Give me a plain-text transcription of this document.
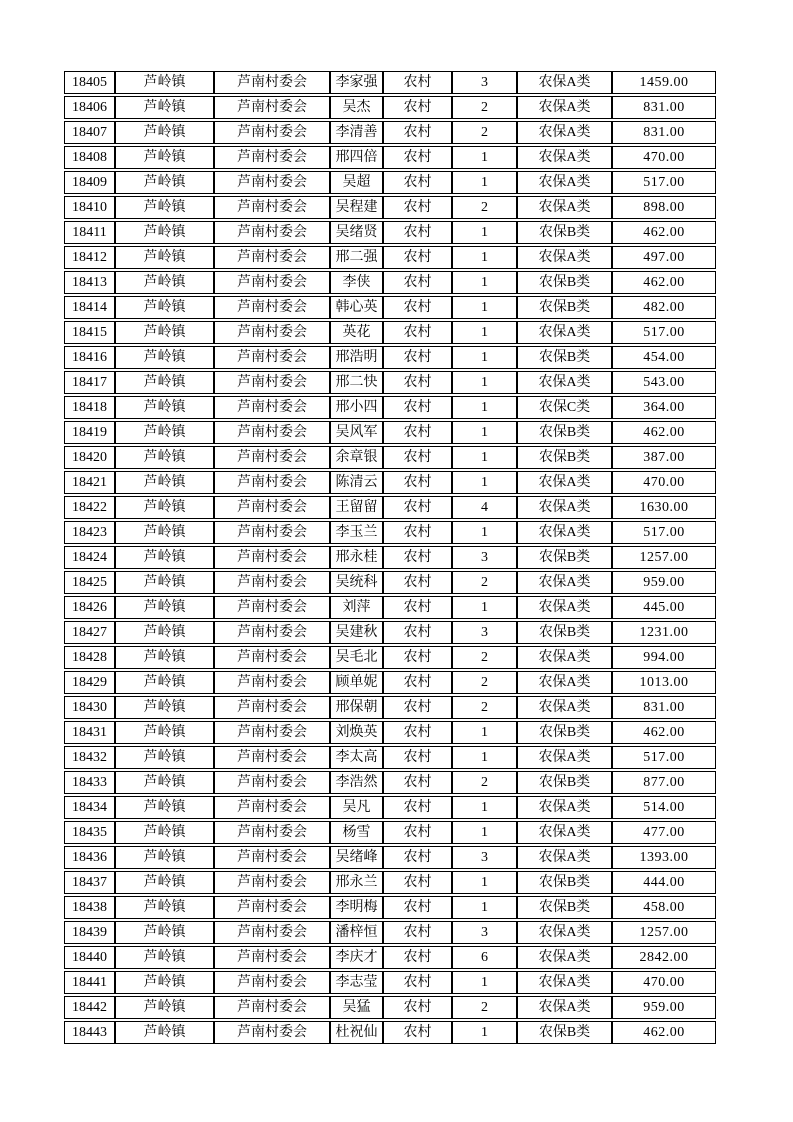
18405	芦岭镇	芦南村委会	李家强	农村	3	农保A类	1459.00
18406	芦岭镇	芦南村委会	吴杰	农村	2	农保A类	831.00
18407	芦岭镇	芦南村委会	李清善	农村	2	农保A类	831.00
18408	芦岭镇	芦南村委会	邢四倍	农村	1	农保A类	470.00
18409	芦岭镇	芦南村委会	吴超	农村	1	农保A类	517.00
18410	芦岭镇	芦南村委会	吴程建	农村	2	农保A类	898.00
18411	芦岭镇	芦南村委会	吴绪贤	农村	1	农保B类	462.00
18412	芦岭镇	芦南村委会	邢二强	农村	1	农保A类	497.00
18413	芦岭镇	芦南村委会	李侠	农村	1	农保B类	462.00
18414	芦岭镇	芦南村委会	韩心英	农村	1	农保B类	482.00
18415	芦岭镇	芦南村委会	英花	农村	1	农保A类	517.00
18416	芦岭镇	芦南村委会	邢浩明	农村	1	农保B类	454.00
18417	芦岭镇	芦南村委会	邢二快	农村	1	农保A类	543.00
18418	芦岭镇	芦南村委会	邢小四	农村	1	农保C类	364.00
18419	芦岭镇	芦南村委会	吴风军	农村	1	农保B类	462.00
18420	芦岭镇	芦南村委会	余章银	农村	1	农保B类	387.00
18421	芦岭镇	芦南村委会	陈清云	农村	1	农保A类	470.00
18422	芦岭镇	芦南村委会	王留留	农村	4	农保A类	1630.00
18423	芦岭镇	芦南村委会	李玉兰	农村	1	农保A类	517.00
18424	芦岭镇	芦南村委会	邢永桂	农村	3	农保B类	1257.00
18425	芦岭镇	芦南村委会	吴统科	农村	2	农保A类	959.00
18426	芦岭镇	芦南村委会	刘萍	农村	1	农保A类	445.00
18427	芦岭镇	芦南村委会	吴建秋	农村	3	农保B类	1231.00
18428	芦岭镇	芦南村委会	吴毛北	农村	2	农保A类	994.00
18429	芦岭镇	芦南村委会	顾单妮	农村	2	农保A类	1013.00
18430	芦岭镇	芦南村委会	邢保朝	农村	2	农保A类	831.00
18431	芦岭镇	芦南村委会	刘焕英	农村	1	农保B类	462.00
18432	芦岭镇	芦南村委会	李太高	农村	1	农保A类	517.00
18433	芦岭镇	芦南村委会	李浩然	农村	2	农保B类	877.00
18434	芦岭镇	芦南村委会	吴凡	农村	1	农保A类	514.00
18435	芦岭镇	芦南村委会	杨雪	农村	1	农保A类	477.00
18436	芦岭镇	芦南村委会	吴绪峰	农村	3	农保A类	1393.00
18437	芦岭镇	芦南村委会	邢永兰	农村	1	农保B类	444.00
18438	芦岭镇	芦南村委会	李明梅	农村	1	农保B类	458.00
18439	芦岭镇	芦南村委会	潘梓恒	农村	3	农保A类	1257.00
18440	芦岭镇	芦南村委会	李庆才	农村	6	农保A类	2842.00
18441	芦岭镇	芦南村委会	李志莹	农村	1	农保A类	470.00
18442	芦岭镇	芦南村委会	吴猛	农村	2	农保A类	959.00
18443	芦岭镇	芦南村委会	杜祝仙	农村	1	农保B类	462.00
